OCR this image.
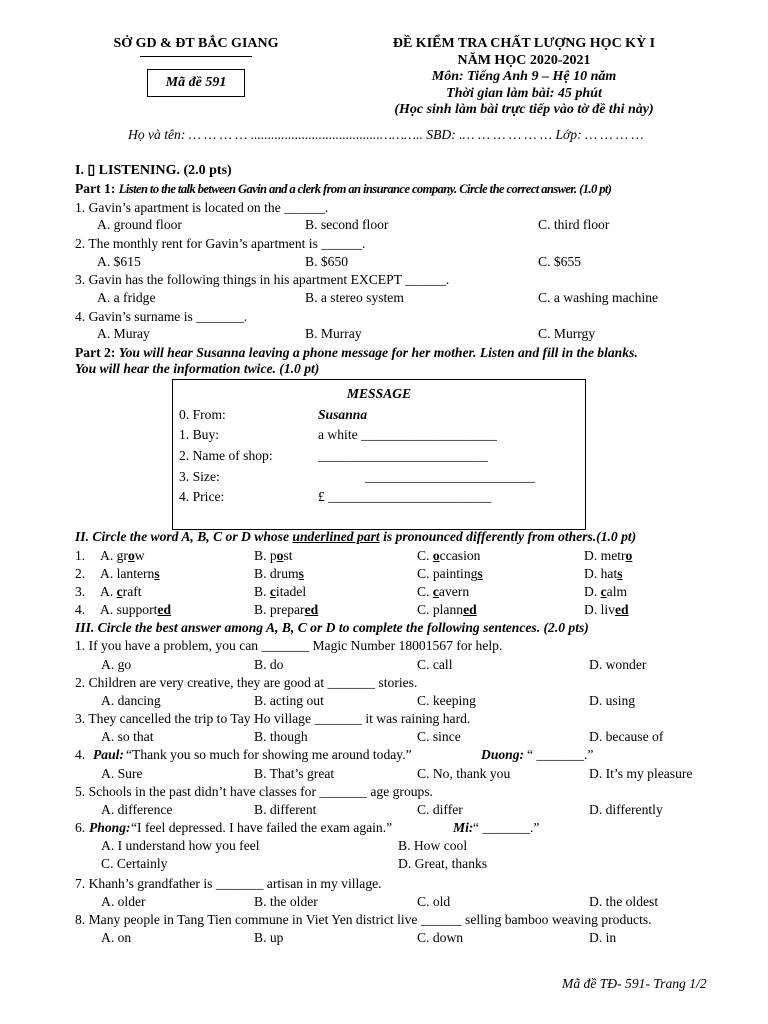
SỞ GD & ĐT BẮC GIANG
Mã đề 591
ĐỀ KIỂM TRA CHẤT LƯỢNG HỌC KỲ I
NĂM HỌC 2020-2021
Môn: Tiếng Anh 9 – Hệ 10 năm
Thời gian làm bài: 45 phút
(Học sinh làm bài trực tiếp vào tờ đề thi này)
Họ và tên: … … … … ......................................……….. SBD: .… … … … … … Lớp: … … … …
I. ▯ LISTENING. (2.0 pts)
Part 1: Listen to the talk between Gavin and a clerk from an insurance company. Circle the correct answer. (1.0 pt)
1. Gavin’s apartment is located on the ______.
A. ground floor	B. second floor	C. third floor
2. The monthly rent for Gavin’s apartment is ______.
A. $615	B. $650	C. $655
3. Gavin has the following things in his apartment EXCEPT ______.
A. a fridge	B. a stereo system	C. a washing machine
4. Gavin’s surname is _______.
A. Muray	B. Murray	C. Murrgy
Part 2: You will hear Susanna leaving a phone message for her mother. Listen and fill in the blanks.
You will hear the information twice. (1.0 pt)
MESSAGE
0. From:	Susanna
1. Buy:	a white ____________________
2. Name of shop:	_________________________
3. Size:	_________________________
4. Price:	£ ________________________
II. Circle the word A, B, C or D whose underlined part is pronounced differently from others.(1.0 pt)
1. A. grow	B. post	C. occasion	D. metro
2. A. lanterns	B. drums	C. paintings	D. hats
3. A. craft	B. citadel	C. cavern	D. calm
4. A. supported	B. prepared	C. planned	D. lived
III. Circle the best answer among A, B, C or D to complete the following sentences. (2.0 pts)
1. If you have a problem, you can _______ Magic Number 18001567 for help.
A. go	B. do	C. call	D. wonder
2. Children are very creative, they are good at _______ stories.
A. dancing	B. acting out	C. keeping	D. using
3. They cancelled the trip to Tay Ho village _______ it was raining hard.
A. so that	B. though	C. since	D. because of
4. Paul: “Thank you so much for showing me around today.”	Duong: “ _______.”
A. Sure	B. That’s great	C. No, thank you	D. It’s my pleasure
5. Schools in the past didn’t have classes for _______ age groups.
A. difference	B. different	C. differ	D. differently
6. Phong: “I feel depressed. I have failed the exam again.”	Mi: “ _______.”
A. I understand how you feel	B. How cool
C. Certainly	D. Great, thanks
7. Khanh’s grandfather is _______ artisan in my village.
A. older	B. the older	C. old	D. the oldest
8. Many people in Tang Tien commune in Viet Yen district live ______ selling bamboo weaving products.
A. on	B. up	C. down	D. in
Mã đề TĐ- 591- Trang 1/2
